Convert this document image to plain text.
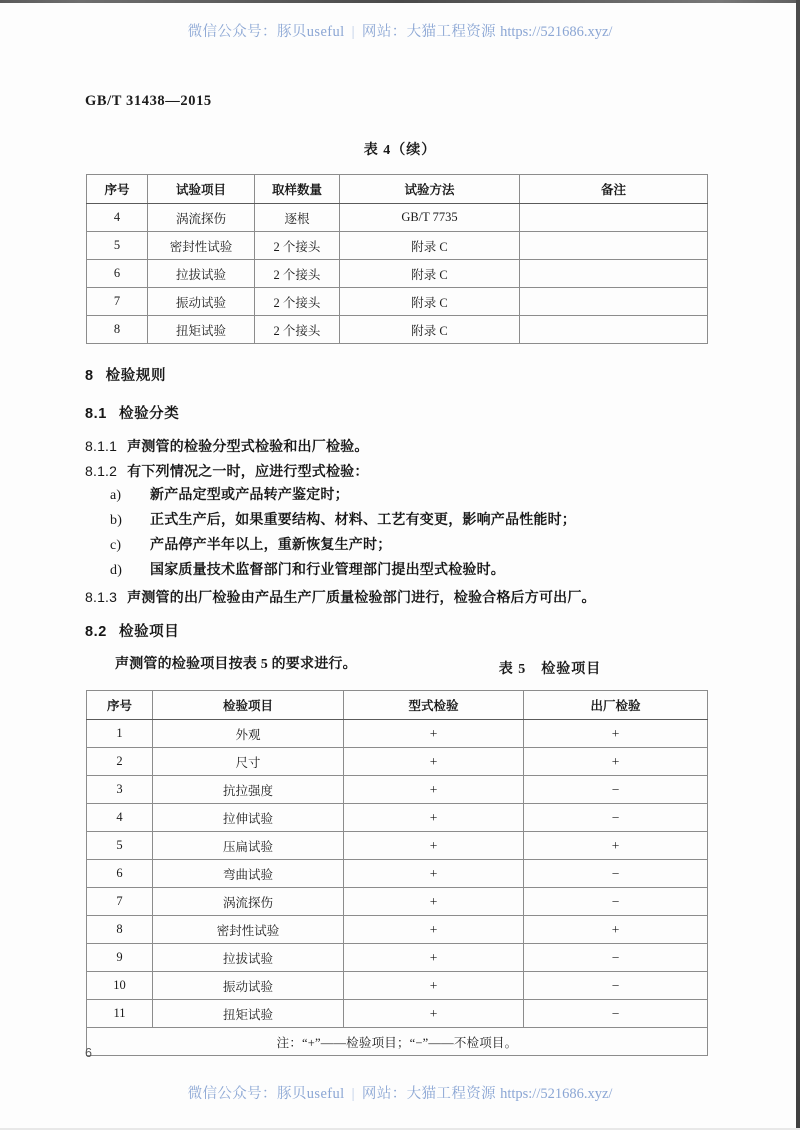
微信公众号：豚贝useful | 网站：大猫工程资源 https://521686.xyz/
GB/T 31438—2015
表 4（续）
序号	试验项目	取样数量	试验方法	备注
4	涡流探伤	逐根	GB/T 7735	
5	密封性试验	2 个接头	附录 C	
6	拉拔试验	2 个接头	附录 C	
7	振动试验	2 个接头	附录 C	
8	扭矩试验	2 个接头	附录 C	
8 检验规则
8.1 检验分类
8.1.1 声测管的检验分型式检验和出厂检验。
8.1.2 有下列情况之一时，应进行型式检验：
a) 新产品定型或产品转产鉴定时；
b) 正式生产后，如果重要结构、材料、工艺有变更，影响产品性能时；
c) 产品停产半年以上，重新恢复生产时；
d) 国家质量技术监督部门和行业管理部门提出型式检验时。
8.1.3 声测管的出厂检验由产品生产厂质量检验部门进行，检验合格后方可出厂。
8.2 检验项目
声测管的检验项目按表 5 的要求进行。	表 5　检验项目
序号	检验项目	型式检验	出厂检验
1	外观	+	+
2	尺寸	+	+
3	抗拉强度	+	−
4	拉伸试验	+	−
5	压扁试验	+	+
6	弯曲试验	+	−
7	涡流探伤	+	−
8	密封性试验	+	+
9	拉拔试验	+	−
10	振动试验	+	−
11	扭矩试验	+	−
注：“+”——检验项目；“−”——不检项目。			
6
微信公众号：豚贝useful | 网站：大猫工程资源 https://521686.xyz/
